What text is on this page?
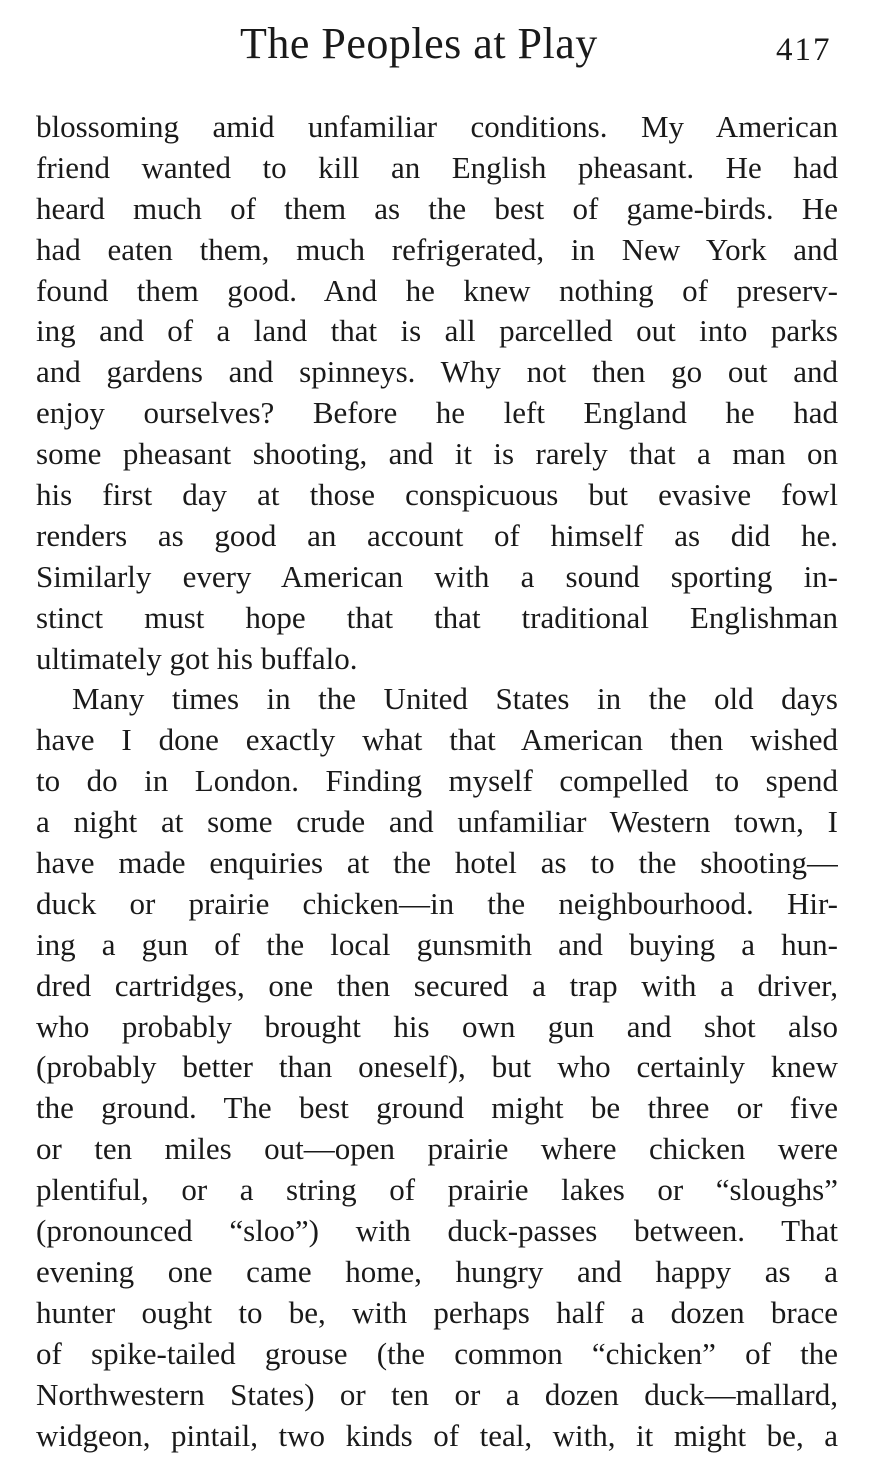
The Peoples at Play	417
blossoming amid unfamiliar conditions. My American
friend wanted to kill an English pheasant. He had
heard much of them as the best of game-birds. He
had eaten them, much refrigerated, in New York and
found them good. And he knew nothing of preserv-
ing and of a land that is all parcelled out into parks
and gardens and spinneys. Why not then go out and
enjoy ourselves? Before he left England he had
some pheasant shooting, and it is rarely that a man on
his first day at those conspicuous but evasive fowl
renders as good an account of himself as did he.
Similarly every American with a sound sporting in-
stinct must hope that that traditional Englishman
ultimately got his buffalo.
Many times in the United States in the old days
have I done exactly what that American then wished
to do in London. Finding myself compelled to spend
a night at some crude and unfamiliar Western town, I
have made enquiries at the hotel as to the shooting—
duck or prairie chicken—in the neighbourhood. Hir-
ing a gun of the local gunsmith and buying a hun-
dred cartridges, one then secured a trap with a driver,
who probably brought his own gun and shot also
(probably better than oneself), but who certainly knew
the ground. The best ground might be three or five
or ten miles out—open prairie where chicken were
plentiful, or a string of prairie lakes or “sloughs”
(pronounced “sloo”) with duck-passes between. That
evening one came home, hungry and happy as a
hunter ought to be, with perhaps half a dozen brace
of spike-tailed grouse (the common “chicken” of the
Northwestern States) or ten or a dozen duck—mallard,
widgeon, pintail, two kinds of teal, with, it might be, a
